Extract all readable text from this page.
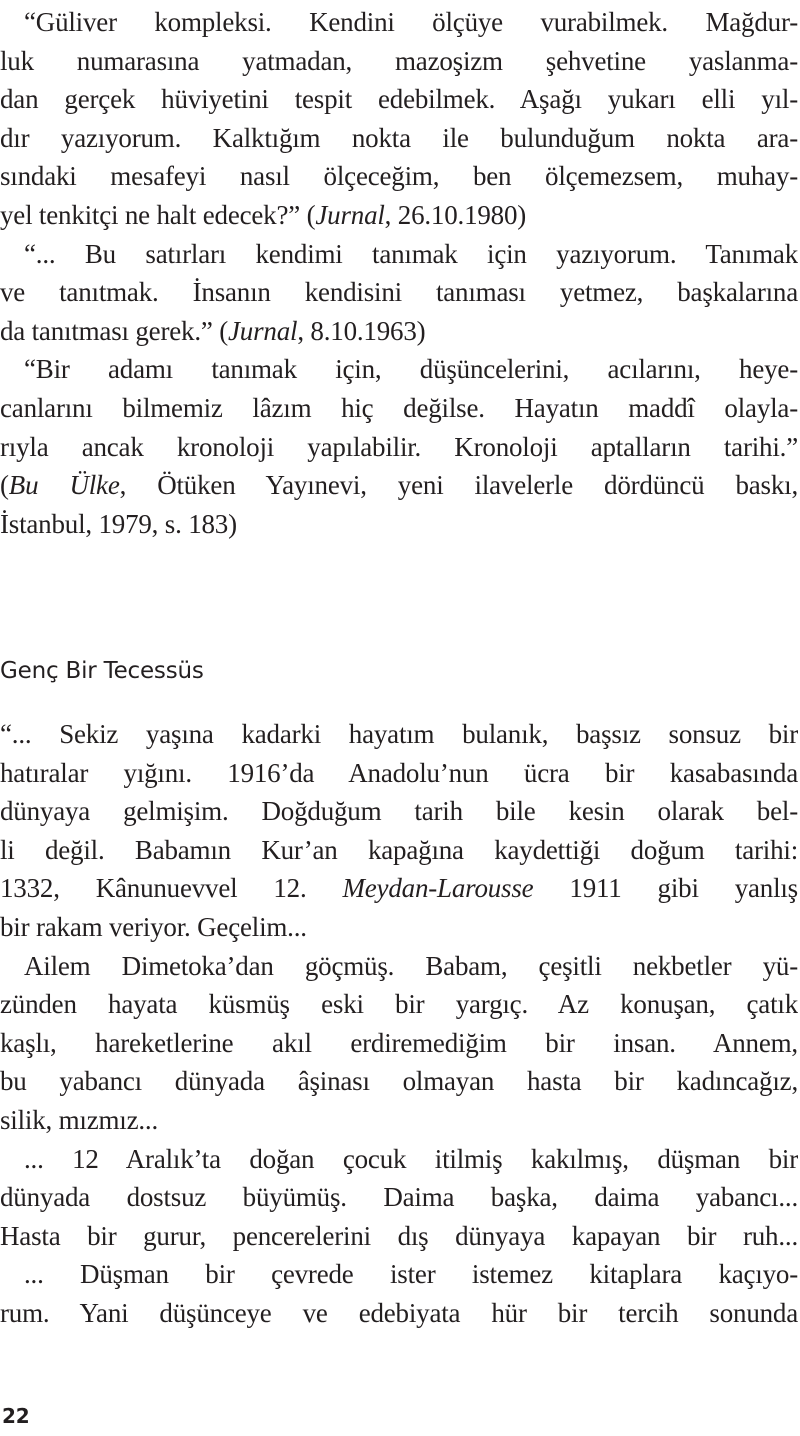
“Güliver kompleksi. Kendini ölçüye vurabilmek. Mağdur-
luk numarasına yatmadan, mazoşizm şehvetine yaslanma-
dan gerçek hüviyetini tespit edebilmek. Aşağı yukarı elli yıl-
dır yazıyorum. Kalktığım nokta ile bulunduğum nokta ara-
sındaki mesafeyi nasıl ölçeceğim, ben ölçemezsem, muhay-
yel tenkitçi ne halt edecek?” (Jurnal, 26.10.1980)
“... Bu satırları kendimi tanımak için yazıyorum. Tanımak
ve tanıtmak. İnsanın kendisini tanıması yetmez, başkalarına
da tanıtması gerek.” (Jurnal, 8.10.1963)
“Bir adamı tanımak için, düşüncelerini, acılarını, heye-
canlarını bilmemiz lâzım hiç değilse. Hayatın maddî olayla-
rıyla ancak kronoloji yapılabilir. Kronoloji aptalların tarihi.”
(Bu Ülke, Ötüken Yayınevi, yeni ilavelerle dördüncü baskı,
İstanbul, 1979, s. 183)
Genç Bir Tecessüs
“... Sekiz yaşına kadarki hayatım bulanık, başsız sonsuz bir
hatıralar yığını. 1916’da Anadolu’nun ücra bir kasabasında
dünyaya gelmişim. Doğduğum tarih bile kesin olarak bel-
li değil. Babamın Kur’an kapağına kaydettiği doğum tarihi:
1332, Kânunuevvel 12. Meydan-Larousse 1911 gibi yanlış
bir rakam veriyor. Geçelim...
Ailem Dimetoka’dan göçmüş. Babam, çeşitli nekbetler yü-
zünden hayata küsmüş eski bir yargıç. Az konuşan, çatık
kaşlı, hareketlerine akıl erdiremediğim bir insan. Annem,
bu yabancı dünyada âşinası olmayan hasta bir kadıncağız,
silik, mızmız...
... 12 Aralık’ta doğan çocuk itilmiş kakılmış, düşman bir
dünyada dostsuz büyümüş. Daima başka, daima yabancı...
Hasta bir gurur, pencerelerini dış dünyaya kapayan bir ruh...
... Düşman bir çevrede ister istemez kitaplara kaçıyo-
rum. Yani düşünceye ve edebiyata hür bir tercih sonunda
22
